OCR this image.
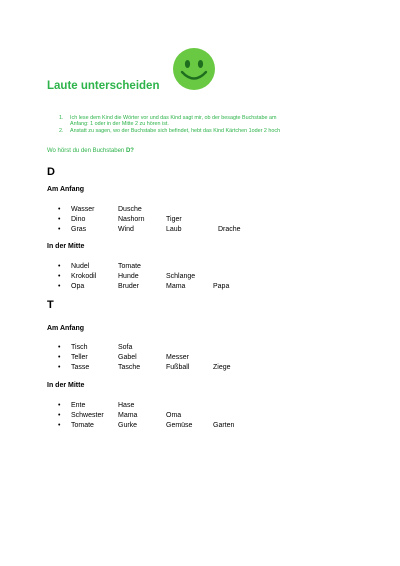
Laute unterscheiden
1. Ich lese dem Kind die Wörter vor und das Kind sagt mir, ob der besagte Buchstabe am
Anfang: 1 oder in der Mitte 2 zu hören ist.
2. Anstatt zu sagen, wo der Buchstabe sich befindet, hebt das Kind Kärtchen 1oder 2 hoch

Wo hörst du den Buchstaben D?

D
Am Anfang
•	Wasser	Dusche
•	Dino	Nashorn	Tiger
•	Gras	Wind	Laub	Drache
In der Mitte
•	Nudel	Tomate
•	Krokodil	Hunde	Schlange
•	Opa	Bruder	Mama	Papa
T
Am Anfang
•	Tisch	Sofa
•	Teller	Gabel	Messer
•	Tasse	Tasche	Fußball	Ziege
In der Mitte
•	Ente	Hase
•	Schwester Mama	Oma
•	Tomate	Gurke	Gemüse	Garten
